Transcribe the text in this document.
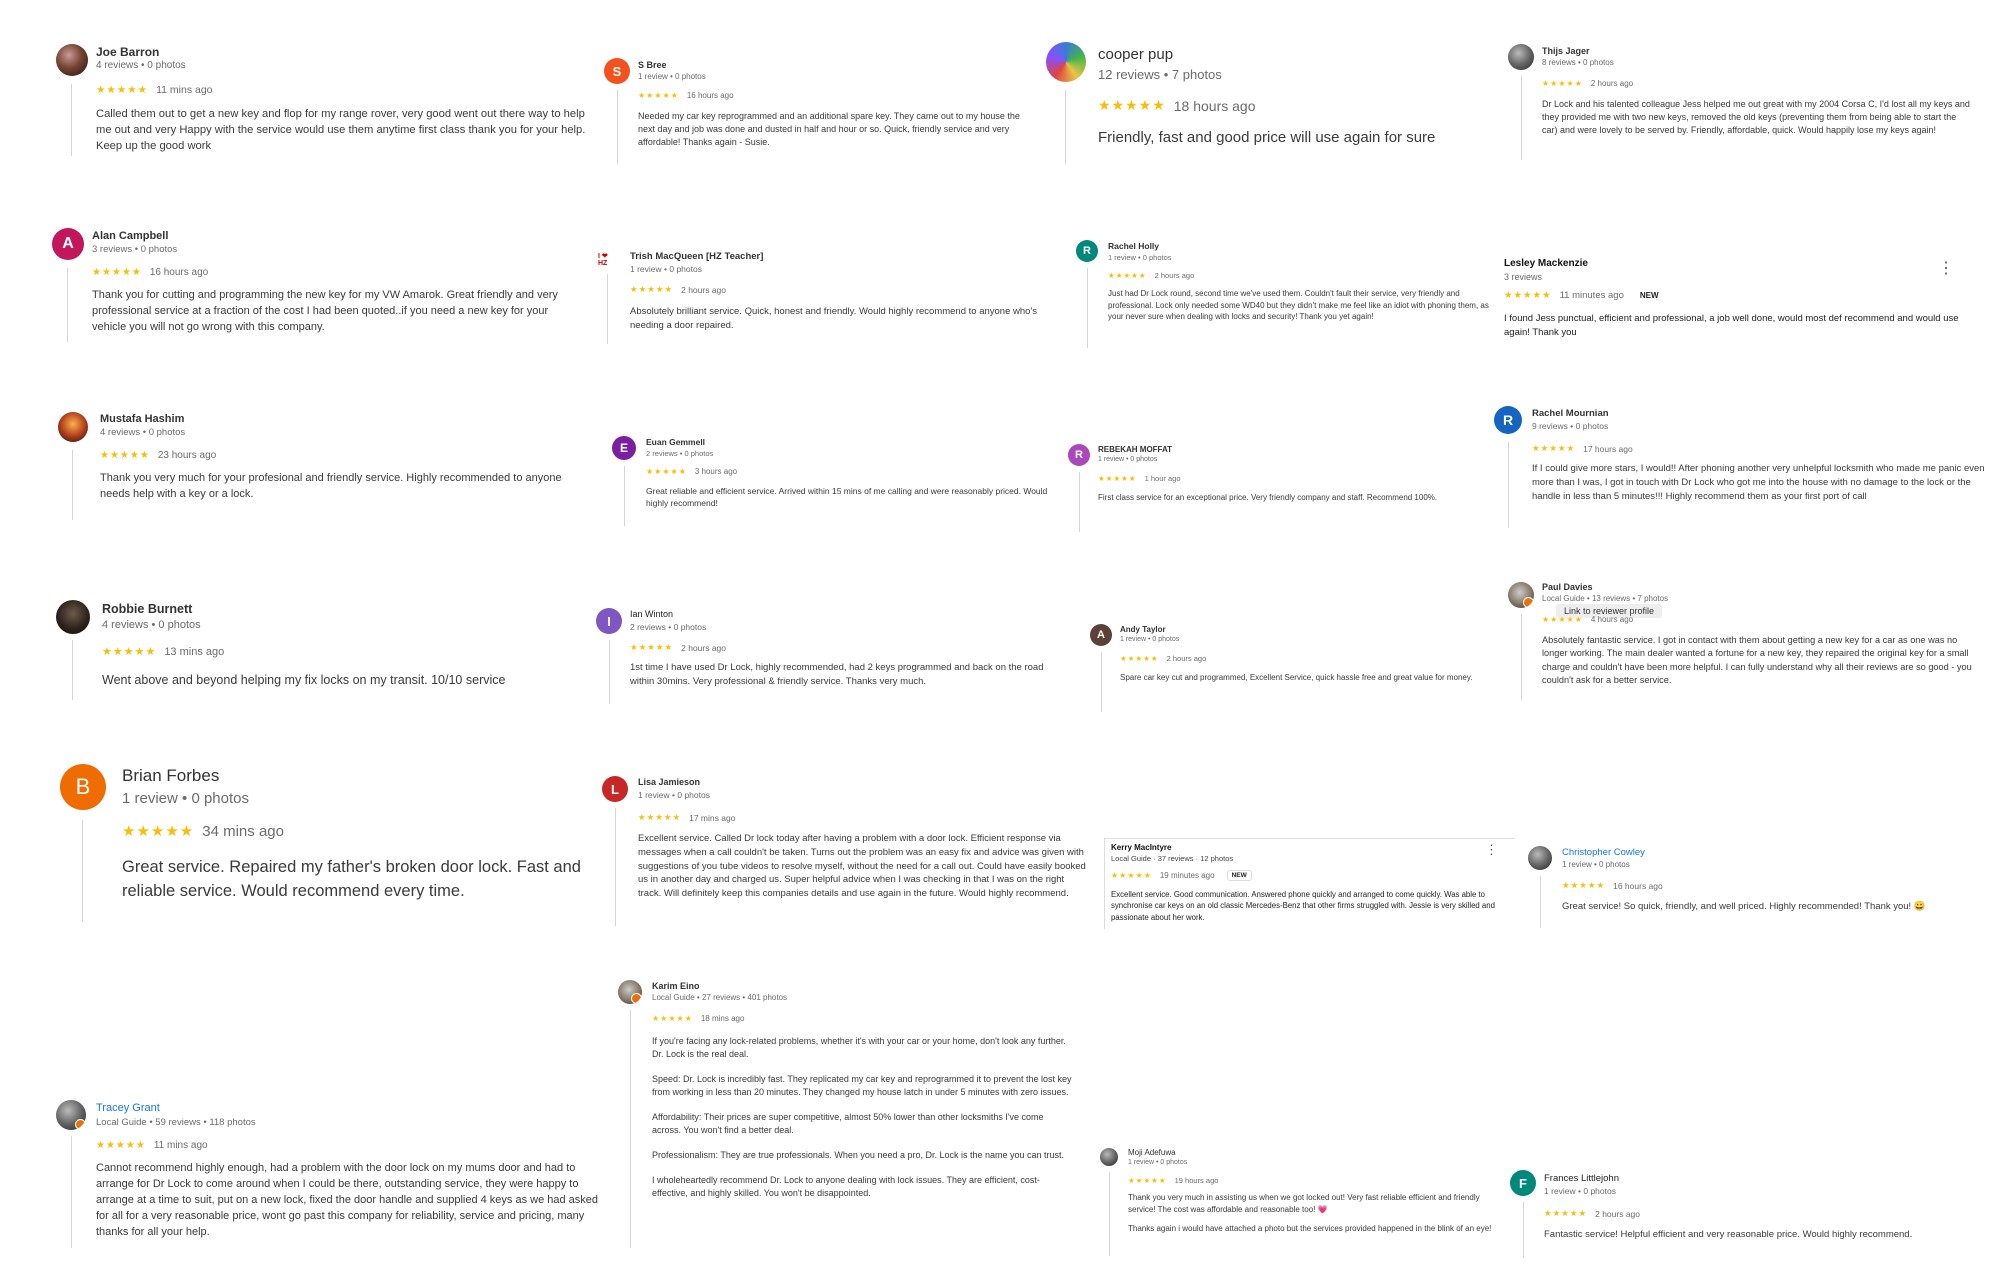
Joe Barron
4 reviews • 0 photos
★★★★★ 11 mins ago
Called them out to get a new key and flop for my range rover, very good went out there way to help me out and very Happy with the service would use them anytime first class thank you for your help. Keep up the good work
S S Bree
1 review • 0 photos
★★★★★ 16 hours ago
Needed my car key reprogrammed and an additional spare key. They came out to my house the next day and job was done and dusted in half and hour or so. Quick, friendly service and very affordable! Thanks again - Susie.
cooper pup
12 reviews • 7 photos
★★★★★ 18 hours ago
Friendly, fast and good price will use again for sure
Thijs Jager
8 reviews • 0 photos
★★★★★ 2 hours ago
Dr Lock and his talented colleague Jess helped me out great with my 2004 Corsa C, I'd lost all my keys and they provided me with two new keys, removed the old keys (preventing them from being able to start the car) and were lovely to be served by. Friendly, affordable, quick. Would happily lose my keys again!
A Alan Campbell
3 reviews • 0 photos
★★★★★ 16 hours ago
Thank you for cutting and programming the new key for my VW Amarok. Great friendly and very professional service at a fraction of the cost I had been quoted..if you need a new key for your vehicle you will not go wrong with this company.
I ❤ HZ
Trish MacQueen [HZ Teacher]
1 review • 0 photos
★★★★★ 2 hours ago
Absolutely brilliant service. Quick, honest and friendly. Would highly recommend to anyone who's needing a door repaired.
R Rachel Holly
1 review • 0 photos
★★★★★ 2 hours ago
Just had Dr Lock round, second time we've used them. Couldn't fault their service, very friendly and professional. Lock only needed some WD40 but they didn't make me feel like an idiot with phoning them, as your never sure when dealing with locks and security! Thank you yet again!
Lesley Mackenzie
3 reviews	⋮
★★★★★ 11 minutes ago	NEW
I found Jess punctual, efficient and professional, a job well done, would most def recommend and would use again! Thank you
Mustafa Hashim
4 reviews • 0 photos
★★★★★ 23 hours ago
Thank you very much for your profesional and friendly service. Highly recommended to anyone needs help with a key or a lock.
E Euan Gemmell
2 reviews • 0 photos
★★★★★ 3 hours ago
Great reliable and efficient service. Arrived within 15 mins of me calling and were reasonably priced. Would highly recommend!
R REBEKAH MOFFAT
1 review • 0 photos
★★★★★ 1 hour ago
First class service for an exceptional price. Very friendly company and staff. Recommend 100%.
R Rachel Mournian
9 reviews • 0 photos
★★★★★ 17 hours ago
If I could give more stars, I would!! After phoning another very unhelpful locksmith who made me panic even more than I was, I got in touch with Dr Lock who got me into the house with no damage to the lock or the handle in less than 5 minutes!!! Highly recommend them as your first port of call
Robbie Burnett
4 reviews • 0 photos
★★★★★ 13 mins ago
Went above and beyond helping my fix locks on my transit. 10/10 service
I Ian Winton
2 reviews • 0 photos
★★★★★ 2 hours ago
1st time I have used Dr Lock, highly recommended, had 2 keys programmed and back on the road within 30mins. Very professional & friendly service. Thanks very much.
A Andy Taylor
1 review • 0 photos
★★★★★ 2 hours ago
Spare car key cut and programmed, Excellent Service, quick hassle free and great value for money.
Paul Davies
Local Guide • 13 reviews • 7 photos
Link to reviewer profile
★★★★★ 4 hours ago
Absolutely fantastic service. I got in contact with them about getting a new key for a car as one was no longer working. The main dealer wanted a fortune for a new key, they repaired the original key for a small charge and couldn't have been more helpful. I can fully understand why all their reviews are so good - you couldn't ask for a better service.
B Brian Forbes
1 review • 0 photos
★★★★★ 34 mins ago
Great service. Repaired my father's broken door lock. Fast and reliable service. Would recommend every time.
L Lisa Jamieson
1 review • 0 photos
★★★★★ 17 mins ago
Excellent service. Called Dr lock today after having a problem with a door lock. Efficient response via messages when a call couldn't be taken. Turns out the problem was an easy fix and advice was given with suggestions of you tube videos to resolve myself, without the need for a call out. Could have easily booked us in another day and charged us. Super helpful advice when I was checking in that I was on the right track. Will definitely keep this companies details and use again in the future. Would highly recommend.
Kerry MacIntyre
Local Guide · 37 reviews · 12 photos
⋮
★★★★★ 19 minutes ago	NEW
Excellent service. Good communication. Answered phone quickly and arranged to come quickly. Was able to synchronise car keys on an old classic Mercedes-Benz that other firms struggled with. Jessie is very skilled and passionate about her work.
Christopher Cowley
1 review • 0 photos
★★★★★ 16 hours ago
Great service! So quick, friendly, and well priced. Highly recommended! Thank you! 😀
Karim Eino
Local Guide • 27 reviews • 401 photos
★★★★★ 18 mins ago

If you're facing any lock-related problems, whether it's with your car or your home, don't look any further. Dr. Lock is the real deal.

Speed: Dr. Lock is incredibly fast. They replicated my car key and reprogrammed it to prevent the lost key from working in less than 20 minutes. They changed my house latch in under 5 minutes with zero issues.

Affordability: Their prices are super competitive, almost 50% lower than other locksmiths I've come across. You won't find a better deal.

Professionalism: They are true professionals. When you need a pro, Dr. Lock is the name you can trust.

I wholeheartedly recommend Dr. Lock to anyone dealing with lock issues. They are efficient, cost-effective, and highly skilled. You won't be disappointed.

Tracey Grant
Local Guide • 59 reviews • 118 photos
★★★★★ 11 mins ago
Cannot recommend highly enough, had a problem with the door lock on my mums door and had to arrange for Dr Lock to come around when I could be there, outstanding service, they were happy to arrange at a time to suit, put on a new lock, fixed the door handle and supplied 4 keys as we had asked for all for a very reasonable price, wont go past this company for reliability, service and pricing, many thanks for all your help.
Moji Adefuwa
1 review • 0 photos
★★★★★ 19 hours ago

Thank you very much in assisting us when we got locked out! Very fast reliable efficient and friendly service! The cost was affordable and reasonable too! 💗

Thanks again i would have attached a photo but the services provided happened in the blink of an eye!

F Frances Littlejohn
1 review • 0 photos
★★★★★ 2 hours ago
Fantastic service! Helpful efficient and very reasonable price. Would highly recommend.
